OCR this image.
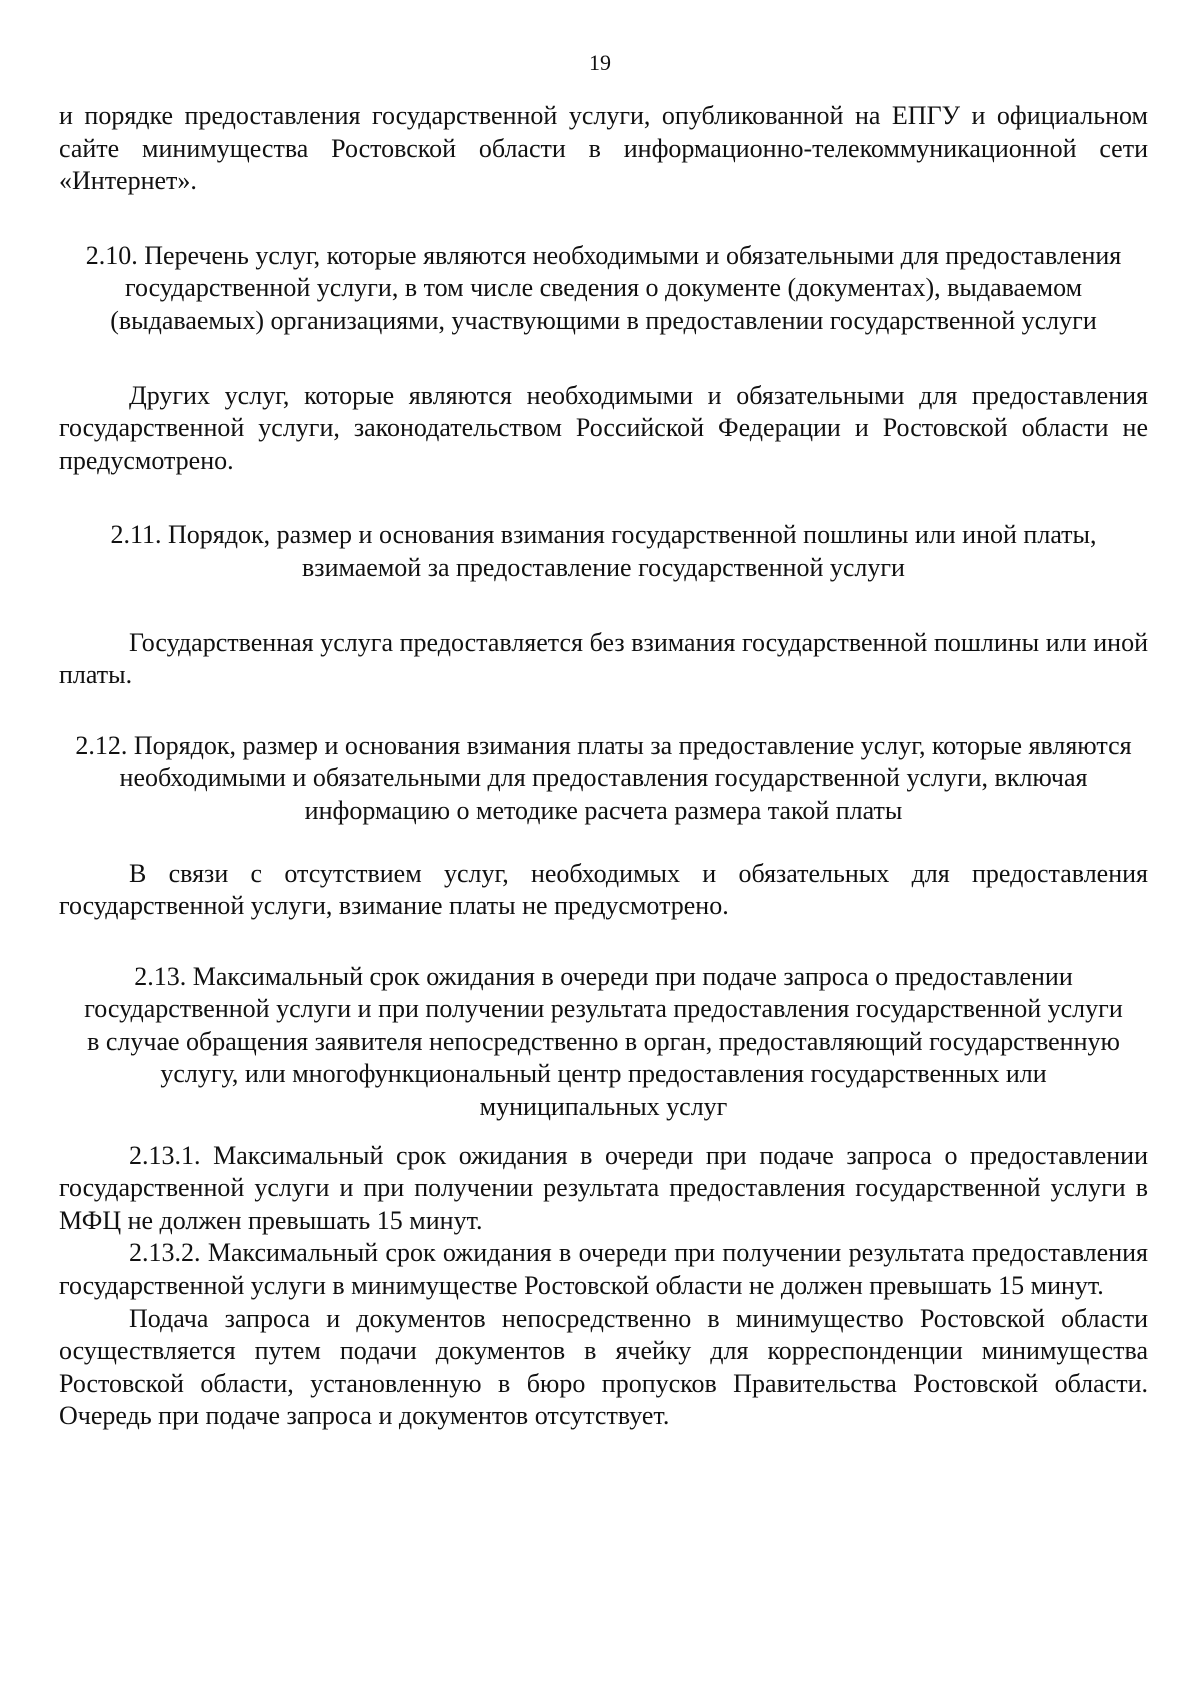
19

и порядке предоставления государственной услуги, опубликованной на ЕПГУ и официальном сайте минимущества Ростовской области в информационно-телекоммуникационной сети «Интернет».

2.10. Перечень услуг, которые являются необходимыми и обязательными для предоставления государственной услуги, в том числе сведения о документе (документах), выдаваемом (выдаваемых) организациями, участвующими в предоставлении государственной услуги

Других услуг, которые являются необходимыми и обязательными для предоставления государственной услуги, законодательством Российской Федерации и Ростовской области не предусмотрено.

2.11. Порядок, размер и основания взимания государственной пошлины или иной платы, взимаемой за предоставление государственной услуги

Государственная услуга предоставляется без взимания государственной пошлины или иной платы.

2.12. Порядок, размер и основания взимания платы за предоставление услуг, которые являются необходимыми и обязательными для предоставления государственной услуги, включая информацию о методике расчета размера такой платы

В связи с отсутствием услуг, необходимых и обязательных для предоставления государственной услуги, взимание платы не предусмотрено.

2.13. Максимальный срок ожидания в очереди при подаче запроса о предоставлении государственной услуги и при получении результата предоставления государственной услуги в случае обращения заявителя непосредственно в орган, предоставляющий государственную услугу, или многофункциональный центр предоставления государственных или муниципальных услуг

2.13.1. Максимальный срок ожидания в очереди при подаче запроса о предоставлении государственной услуги и при получении результата предоставления государственной услуги в МФЦ не должен превышать 15 минут.

2.13.2. Максимальный срок ожидания в очереди при получении результата предоставления государственной услуги в минимуществе Ростовской области не должен превышать 15 минут.

Подача запроса и документов непосредственно в минимущество Ростовской области осуществляется путем подачи документов в ячейку для корреспонденции минимущества Ростовской области, установленную в бюро пропусков Правительства Ростовской области. Очередь при подаче запроса и документов отсутствует.
